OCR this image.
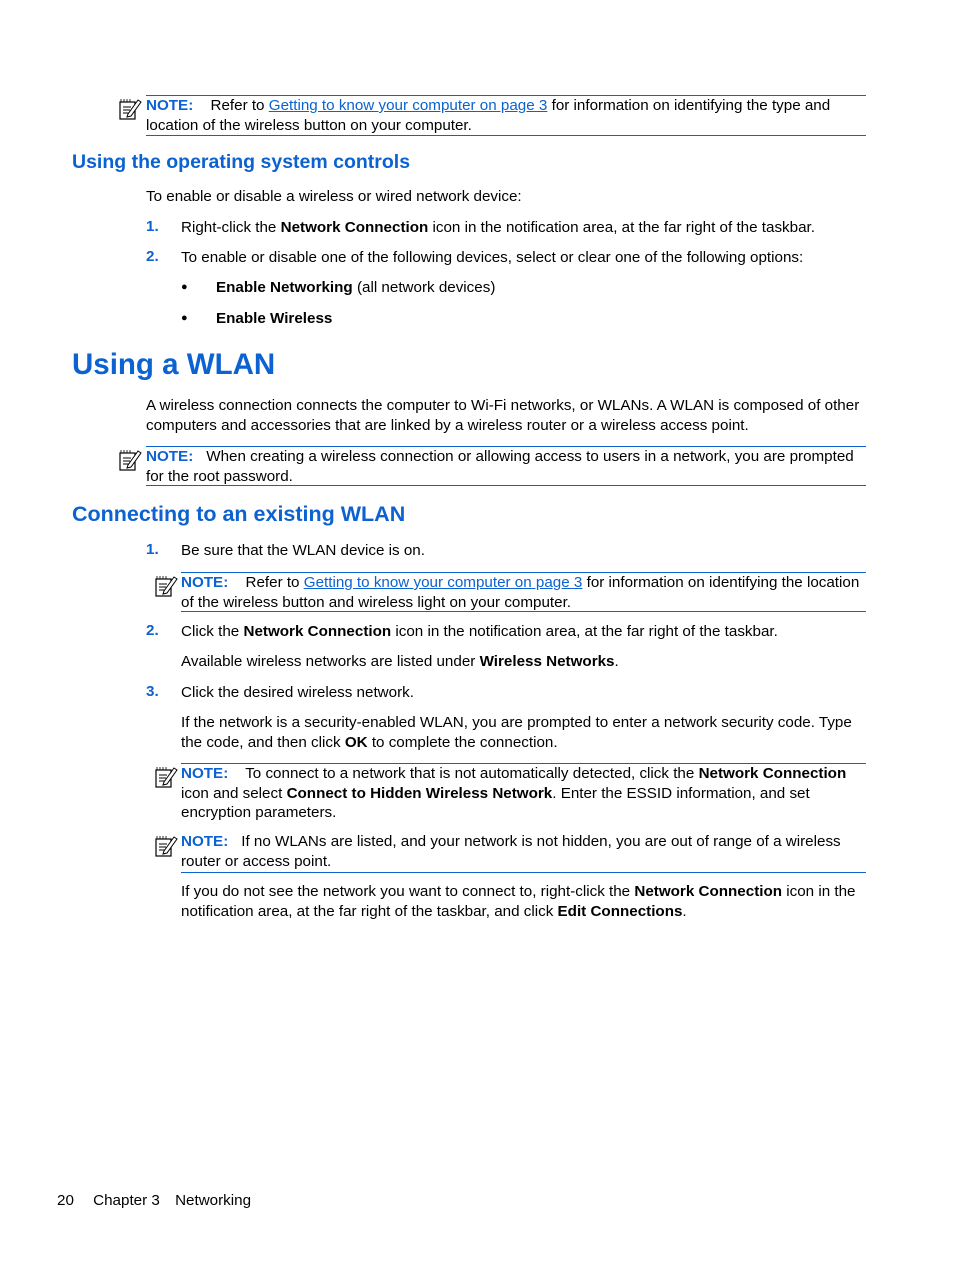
NOTE: Refer to Getting to know your computer on page 3 for information on identifying the type and location of the wireless button on your computer.
Using the operating system controls
To enable or disable a wireless or wired network device:
1. Right-click the Network Connection icon in the notification area, at the far right of the taskbar.
2. To enable or disable one of the following devices, select or clear one of the following options:
● Enable Networking (all network devices)
● Enable Wireless
Using a WLAN
A wireless connection connects the computer to Wi-Fi networks, or WLANs. A WLAN is composed of other computers and accessories that are linked by a wireless router or a wireless access point.
NOTE: When creating a wireless connection or allowing access to users in a network, you are prompted for the root password.
Connecting to an existing WLAN
1. Be sure that the WLAN device is on.
NOTE: Refer to Getting to know your computer on page 3 for information on identifying the location of the wireless button and wireless light on your computer.
2. Click the Network Connection icon in the notification area, at the far right of the taskbar.
Available wireless networks are listed under Wireless Networks.
3. Click the desired wireless network.
If the network is a security-enabled WLAN, you are prompted to enter a network security code. Type the code, and then click OK to complete the connection.
NOTE: To connect to a network that is not automatically detected, click the Network Connection icon and select Connect to Hidden Wireless Network. Enter the ESSID information, and set encryption parameters.
NOTE: If no WLANs are listed, and your network is not hidden, you are out of range of a wireless router or access point.
If you do not see the network you want to connect to, right-click the Network Connection icon in the notification area, at the far right of the taskbar, and click Edit Connections.
20 Chapter 3 Networking
